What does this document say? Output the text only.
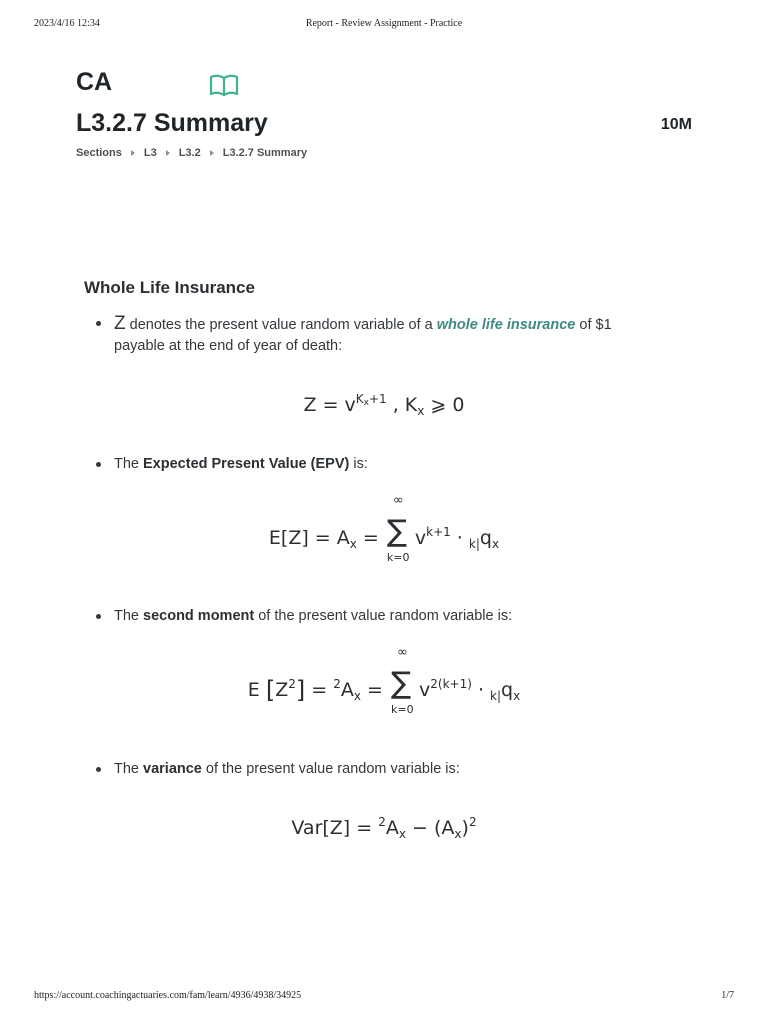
2023/4/16 12:34	Report - Review Assignment - Practice
CA
L3.2.7 Summary	10M
Sections L3 L3.2 L3.2.7 Summary
Whole Life Insurance
Z denotes the present value random variable of a whole life insurance of $1 payable at the end of year of death:
$Z = v^{K_x+1}$ , $K_x$ ⩾ 0
The Expected Present Value (EPV) is:
$E[Z] = A_x$ =
∞
∑
k=0
$v^{k+1} \cdot _{k|}q_x$
The second moment of the present value random variable is:
E $[Z^2] = ^2A_x$ =
∞
∑
k=0
$v^{2(k+1)} \cdot _{k|}q_x$
The variance of the present value random variable is:
$Var[Z] = ^2A_x - (A_x)^2$
https://account.coachingactuaries.com/fam/learn/4936/4938/34925	1/7
